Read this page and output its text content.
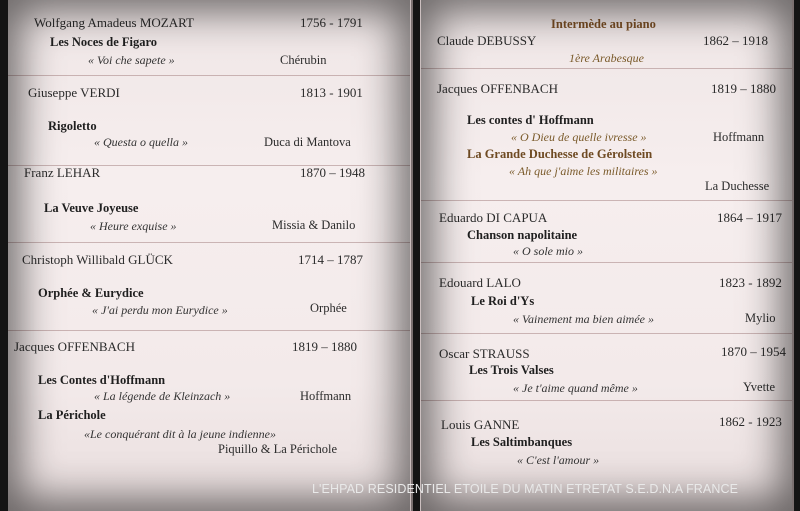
Wolfgang Amadeus MOZART	1756 - 1791
Les Noces de Figaro
« Voi che sapete »	Chérubin
Giuseppe VERDI	1813 - 1901
Rigoletto
« Questa o quella »	Duca di Mantova
Franz LEHAR	1870 – 1948
La Veuve Joyeuse
« Heure exquise »	Missia & Danilo
Christoph Willibald GLÜCK	1714 – 1787
Orphée & Eurydice
« J'ai perdu mon Eurydice »	Orphée
Jacques OFFENBACH	1819 – 1880
Les Contes d'Hoffmann
« La légende de Kleinzach »	Hoffmann
La Périchole
«Le conquérant dit à la jeune indienne»
Piquillo & La Périchole
Intermède au piano
Claude DEBUSSY	1862 – 1918
1ère Arabesque
Jacques OFFENBACH	1819 – 1880
Les contes d' Hoffmann
« O Dieu de quelle ivresse »	Hoffmann
La Grande Duchesse de Gérolstein
« Ah que j'aime les militaires »
La Duchesse
Eduardo DI CAPUA	1864 – 1917
Chanson napolitaine
« O sole mio »
Edouard LALO	1823 - 1892
Le Roi d'Ys
« Vainement ma bien aimée »	Mylio
Oscar STRAUSS	1870 – 1954
Les Trois Valses
« Je t'aime quand même »	Yvette
Louis GANNE	1862 - 1923
Les Saltimbanques
« C'est l'amour »
L'EHPAD RESIDENTIEL ETOILE DU MATIN ETRETAT S.E.D.N.A FRANCE
